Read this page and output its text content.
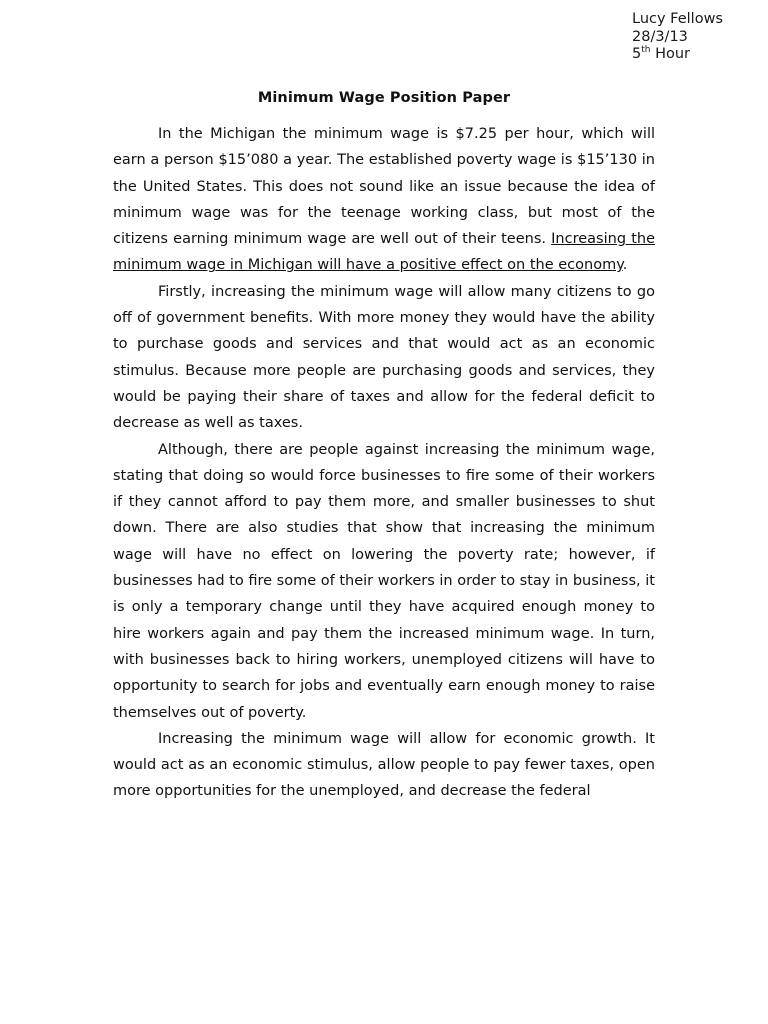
Lucy Fellows
28/3/13
5th Hour
Minimum Wage Position Paper

In the Michigan the minimum wage is $7.25 per hour, which will earn a person $15’080 a year. The established poverty wage is $15’130 in the United States. This does not sound like an issue because the idea of minimum wage was for the teenage working class, but most of the citizens earning minimum wage are well out of their teens. Increasing the minimum wage in Michigan will have a positive effect on the economy.

Firstly, increasing the minimum wage will allow many citizens to go off of government benefits. With more money they would have the ability to purchase goods and services and that would act as an economic stimulus. Because more people are purchasing goods and services, they would be paying their share of taxes and allow for the federal deficit to decrease as well as taxes.

Although, there are people against increasing the minimum wage, stating that doing so would force businesses to fire some of their workers if they cannot afford to pay them more, and smaller businesses to shut down. There are also studies that show that increasing the minimum wage will have no effect on lowering the poverty rate; however, if businesses had to fire some of their workers in order to stay in business, it is only a temporary change until they have acquired enough money to hire workers again and pay them the increased minimum wage. In turn, with businesses back to hiring workers, unemployed citizens will have to opportunity to search for jobs and eventually earn enough money to raise themselves out of poverty.

Increasing the minimum wage will allow for economic growth. It would act as an economic stimulus, allow people to pay fewer taxes, open more opportunities for the unemployed, and decrease the federal
